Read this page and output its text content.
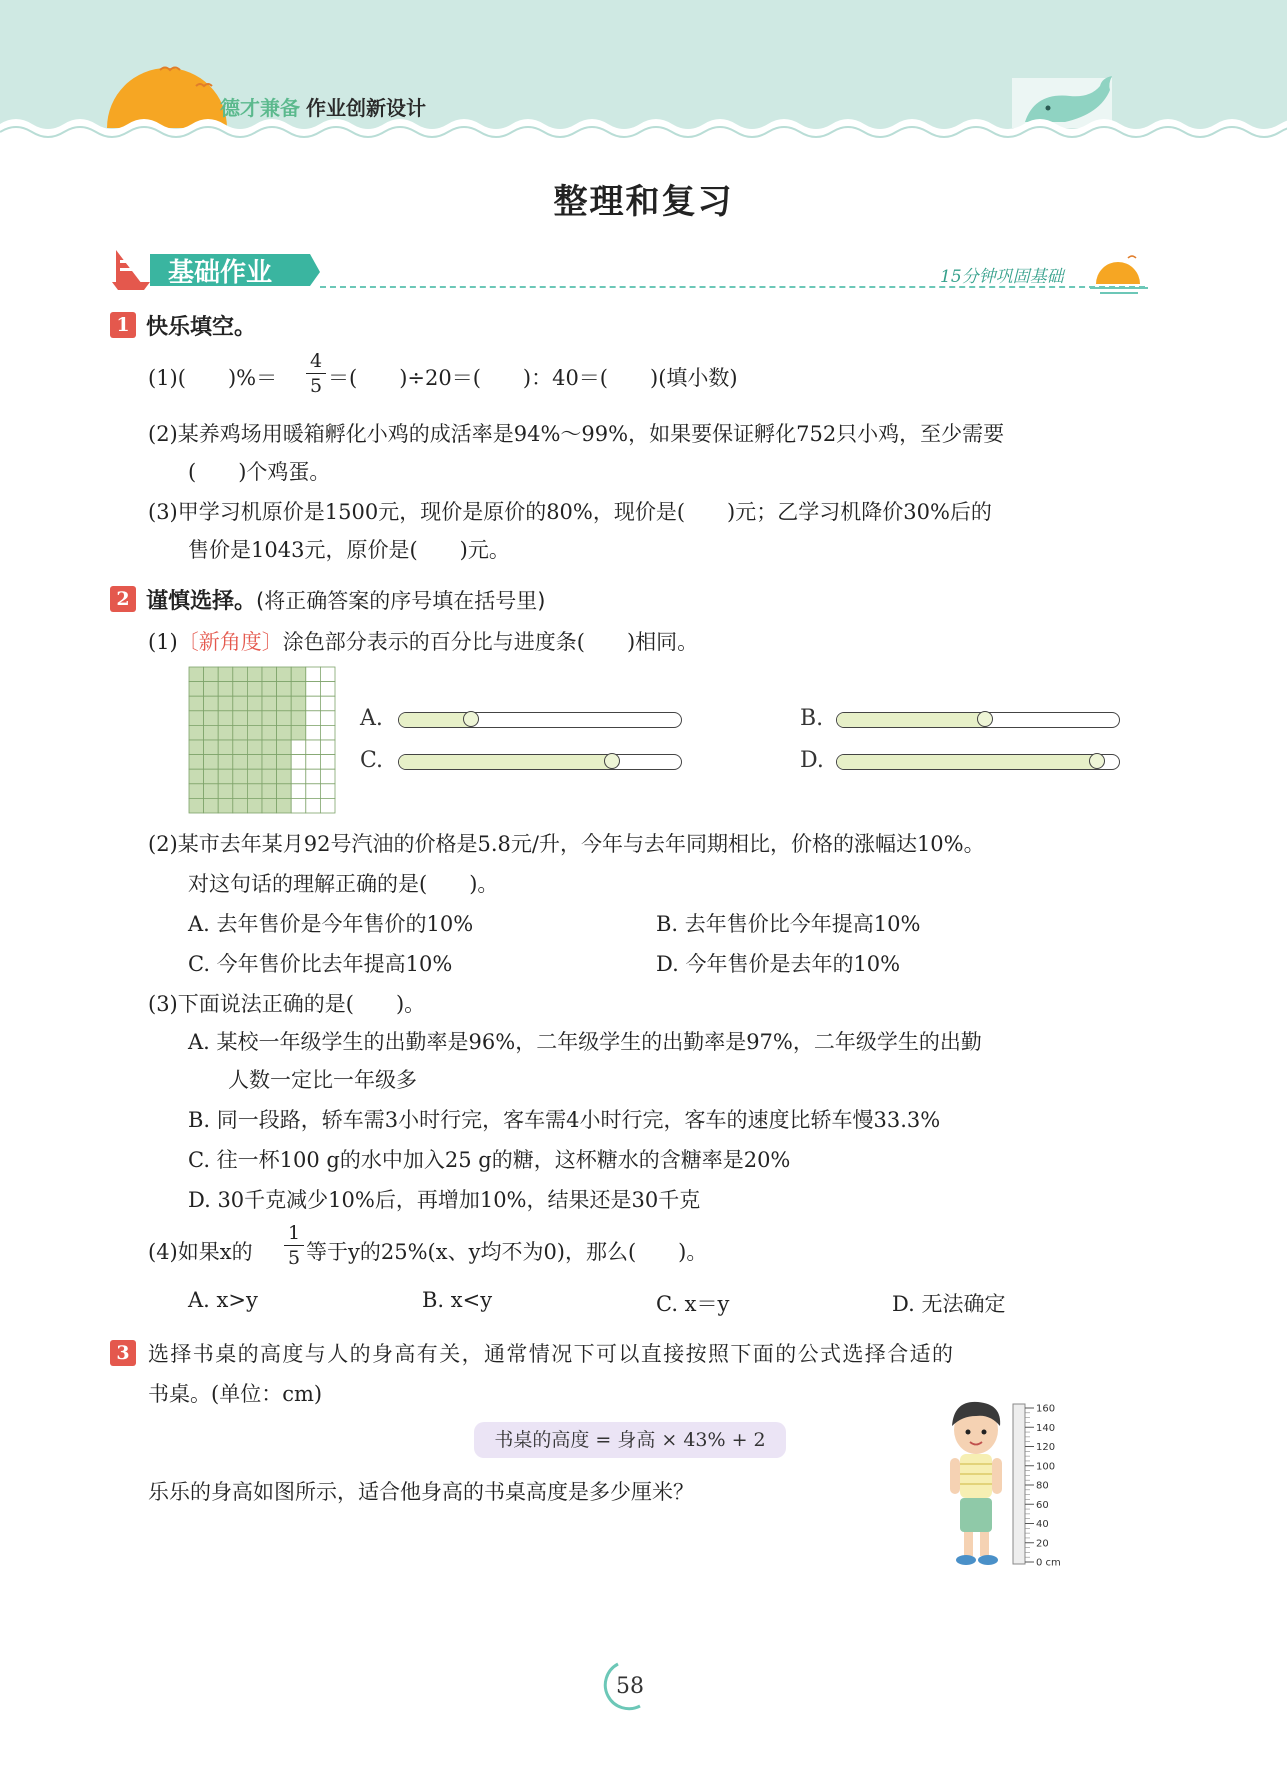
德才兼备 作业创新设计
整理和复习
基础作业	15分钟巩固基础
1 快乐填空。
(1)(　　)%＝
4
5 ＝(　　)÷20＝(　　)：40＝(　　)(填小数)
(2)某养鸡场用暖箱孵化小鸡的成活率是94%～99%，如果要保证孵化752只小鸡，至少需要
(　　)个鸡蛋。
(3)甲学习机原价是1500元，现价是原价的80%，现价是(　　)元；乙学习机降价30%后的
售价是1043元，原价是(　　)元。
2 谨慎选择。(将正确答案的序号填在括号里)
(1)〔新角度〕涂色部分表示的百分比与进度条(　　)相同。
A.	B.
C.	D.
(2)某市去年某月92号汽油的价格是5.8元/升，今年与去年同期相比，价格的涨幅达10%。
对这句话的理解正确的是(　　)。
A. 去年售价是今年售价的10%	B. 去年售价比今年提高10%
C. 今年售价比去年提高10%	D. 今年售价是去年的10%
(3)下面说法正确的是(　　)。
A. 某校一年级学生的出勤率是96%，二年级学生的出勤率是97%，二年级学生的出勤
人数一定比一年级多
B. 同一段路，轿车需3小时行完，客车需4小时行完，客车的速度比轿车慢33.3%
C. 往一杯100 g的水中加入25 g的糖，这杯糖水的含糖率是20%
D. 30千克减少10%后，再增加10%，结果还是30千克
(4)如果x的
1
5 等于y的25%(x、y均不为0)，那么(　　)。
A. x>y	B. x<y	C. x＝y	D. 无法确定
3 选择书桌的高度与人的身高有关，通常情况下可以直接按照下面的公式选择合适的
书桌。(单位：cm)
书桌的高度 = 身高 × 43% + 2
乐乐的身高如图所示，适合他身高的书桌高度是多少厘米？
160
140
120
100
80
60
40
20
0 cm
58
